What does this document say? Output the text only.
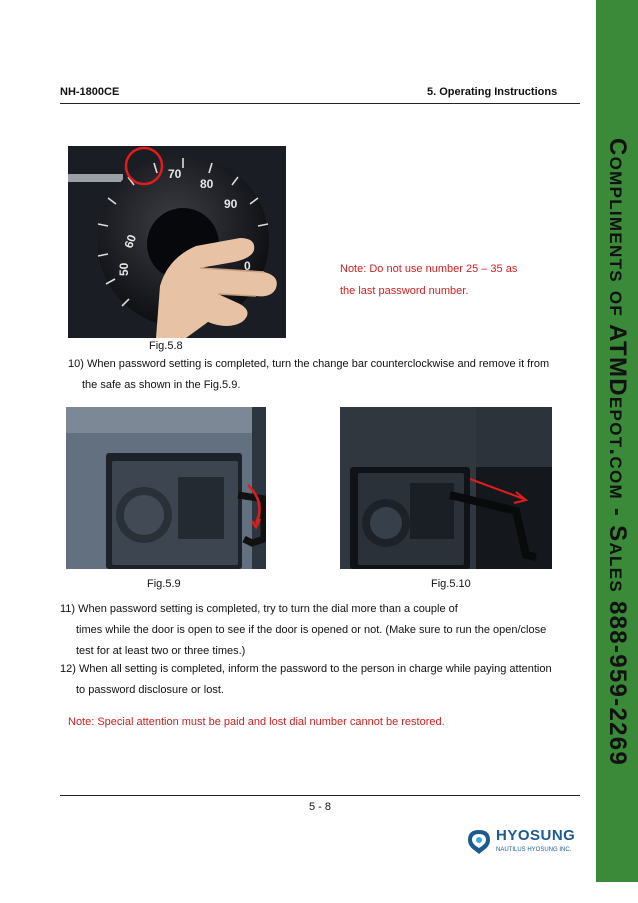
NH-1800CE	5. Operating Instructions
70
80
90
60
50	0	Note: Do not use number 25 – 35 as
the last password number.
Fig.5.8
10) When password setting is completed, turn the change bar counterclockwise and remove it from
the safe as shown in the Fig.5.9.
Fig.5.9	Fig.5.10
11) When password setting is completed, try to turn the dial more than a couple of
times while the door is open to see if the door is opened or not. (Make sure to run the open/close
test for at least two or three times.)
12) When all setting is completed, inform the password to the person in charge while paying attention
to password disclosure or lost.
Note: Special attention must be paid and lost dial number cannot be restored.
5 - 8
HYOSUNG
NAUTILUS HYOSUNG INC.
Compliments of ATMDepot.com - Sales 888-959-2269
